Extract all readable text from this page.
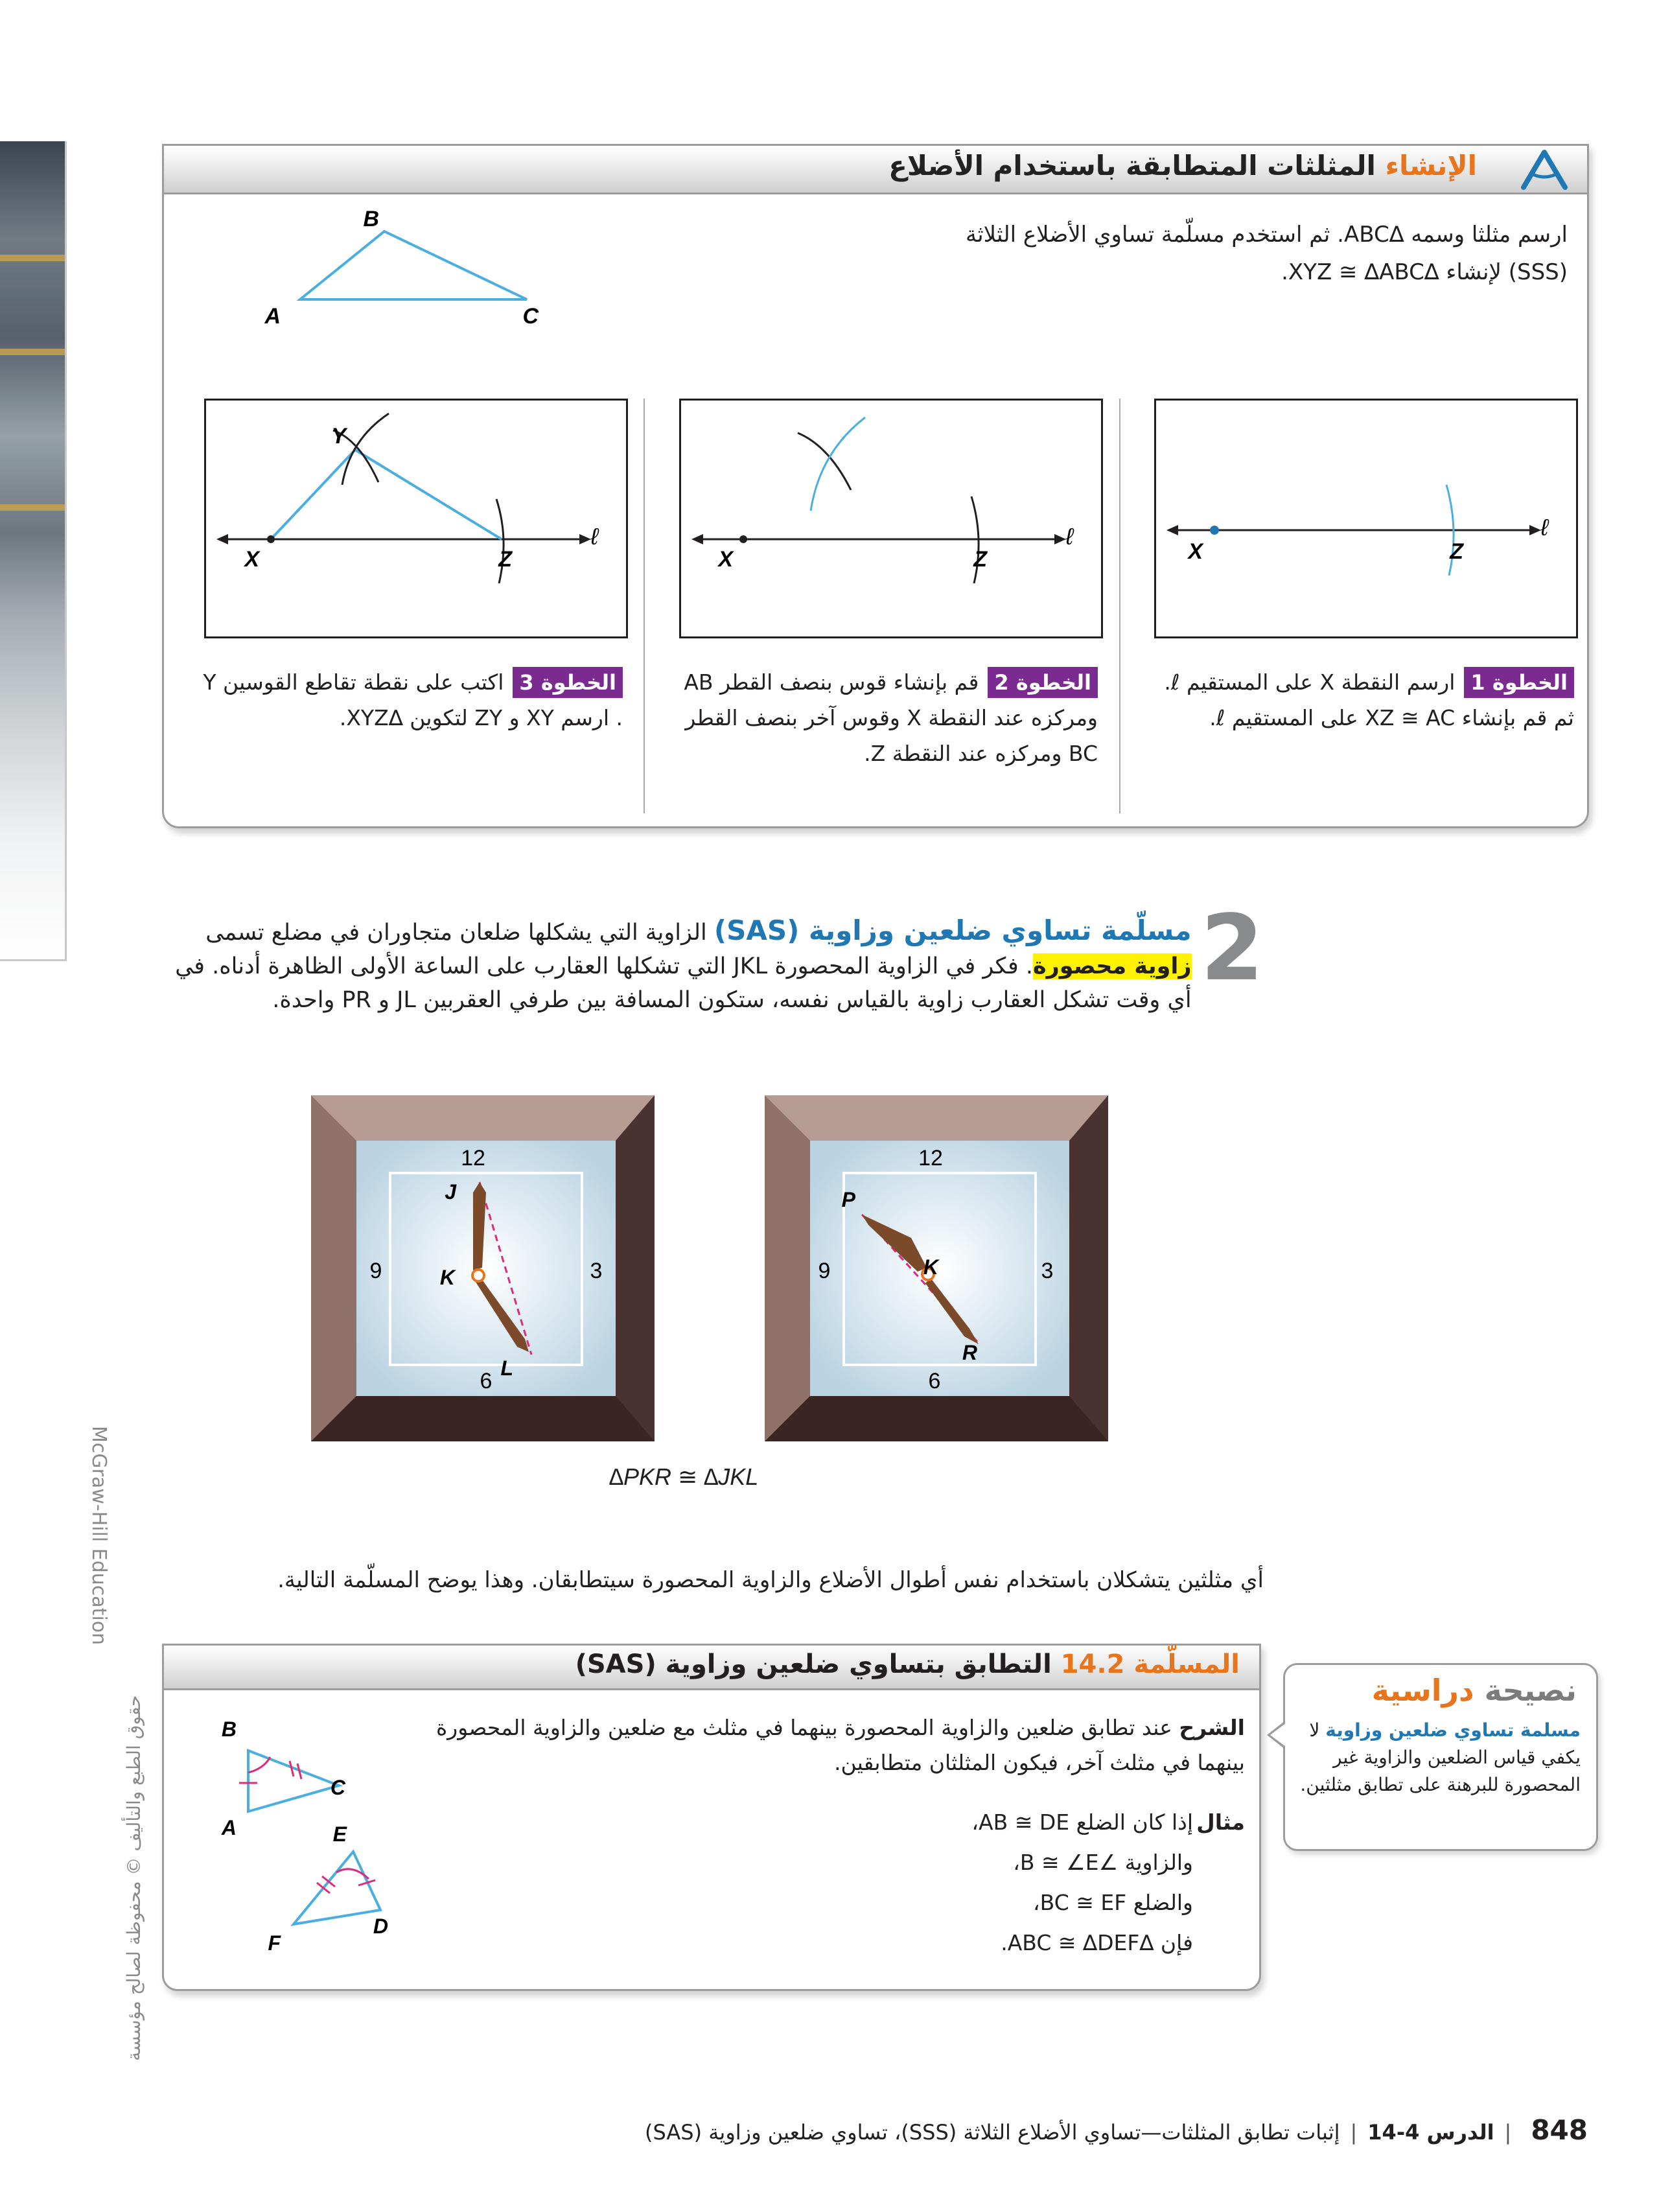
الإنشاء المثلثات المتطابقة باستخدام الأضلاع
ارسم مثلثا وسمه ∆ABC. ثم استخدم مسلّمة تساوي الأضلاع الثلاثة (SSS) لإنشاء ∆XYZ ≅ ∆ABC.
B
A	C
X
Y
Z
ℓ
X	Z
ℓ
X	Z
ℓ
الخطوة 1ارسم النقطة X على المستقيم ℓ. ثم قم بإنشاء XZ ≅ AC على المستقيم ℓ.
الخطوة 2قم بإنشاء قوس بنصف القطر AB ومركزه عند النقطة X وقوس آخر بنصف القطر BC ومركزه عند النقطة Z.
الخطوة 3اكتب على نقطة تقاطع القوسين Y . ارسم XY و ZY لتكوين ∆XYZ.
2
مسلّمة تساوي ضلعين وزاوية (SAS) الزاوية التي يشكلها ضلعان متجاوران في مضلع تسمى زاوية محصورة. فكر في الزاوية المحصورة JKL التي تشكلها العقارب على الساعة الأولى الظاهرة أدناه. في أي وقت تشكل العقارب زاوية بالقياس نفسه، ستكون المسافة بين طرفي العقربين JL و PR واحدة.
12
9	3
6
J
K
L
12
9	3
6
P
K
R
∆PKR ≅ ∆JKL
أي مثلثين يتشكلان باستخدام نفس أطوال الأضلاع والزاوية المحصورة سيتطابقان. وهذا يوضح المسلّمة التالية.
المسلّمة 14.2 التطابق بتساوي ضلعين وزاوية (SAS)
الشرح عند تطابق ضلعين والزاوية المحصورة بينهما في مثلث مع ضلعين والزاوية المحصورة بينهما في مثلث آخر، فيكون المثلثان متطابقين.
مثالإذا كان الضلع AB ≅ DE،
والزاوية ∠B ≅ ∠E،
والضلع BC ≅ EF،
فإن ∆ABC ≅ ∆DEF.
B
A
C
E
F
D
نصيحة دراسية
مسلمة تساوي ضلعين وزاوية لا يكفي قياس الضلعين والزاوية غير المحصورة للبرهنة على تطابق مثلثين.
حقوق الطبع والتأليف © محفوظة لصالح مؤسسة
McGraw-Hill Education
848|الدرس 4-14|إثبات تطابق المثلثات—تساوي الأضلاع الثلاثة (SSS)، تساوي ضلعين وزاوية (SAS)
